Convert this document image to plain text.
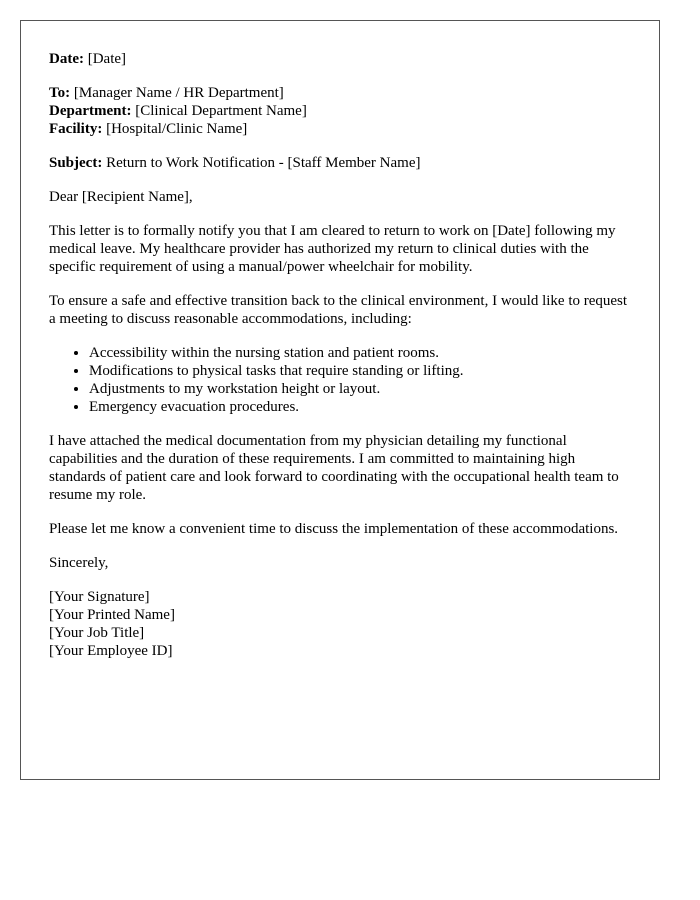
Date: [Date]

To: [Manager Name / HR Department]

Department: [Clinical Department Name]

Facility: [Hospital/Clinic Name]

Subject: Return to Work Notification - [Staff Member Name]

Dear [Recipient Name],

This letter is to formally notify you that I am cleared to return to work on [Date] following my medical leave. My healthcare provider has authorized my return to clinical duties with the specific requirement of using a manual/power wheelchair for mobility.

To ensure a safe and effective transition back to the clinical environment, I would like to request a meeting to discuss reasonable accommodations, including:

• Accessibility within the nursing station and patient rooms.
• Modifications to physical tasks that require standing or lifting.
• Adjustments to my workstation height or layout.
• Emergency evacuation procedures.

I have attached the medical documentation from my physician detailing my functional capabilities and the duration of these requirements. I am committed to maintaining high standards of patient care and look forward to coordinating with the occupational health team to resume my role.

Please let me know a convenient time to discuss the implementation of these accommodations.

Sincerely,

[Your Signature]

[Your Printed Name]

[Your Job Title]

[Your Employee ID]
